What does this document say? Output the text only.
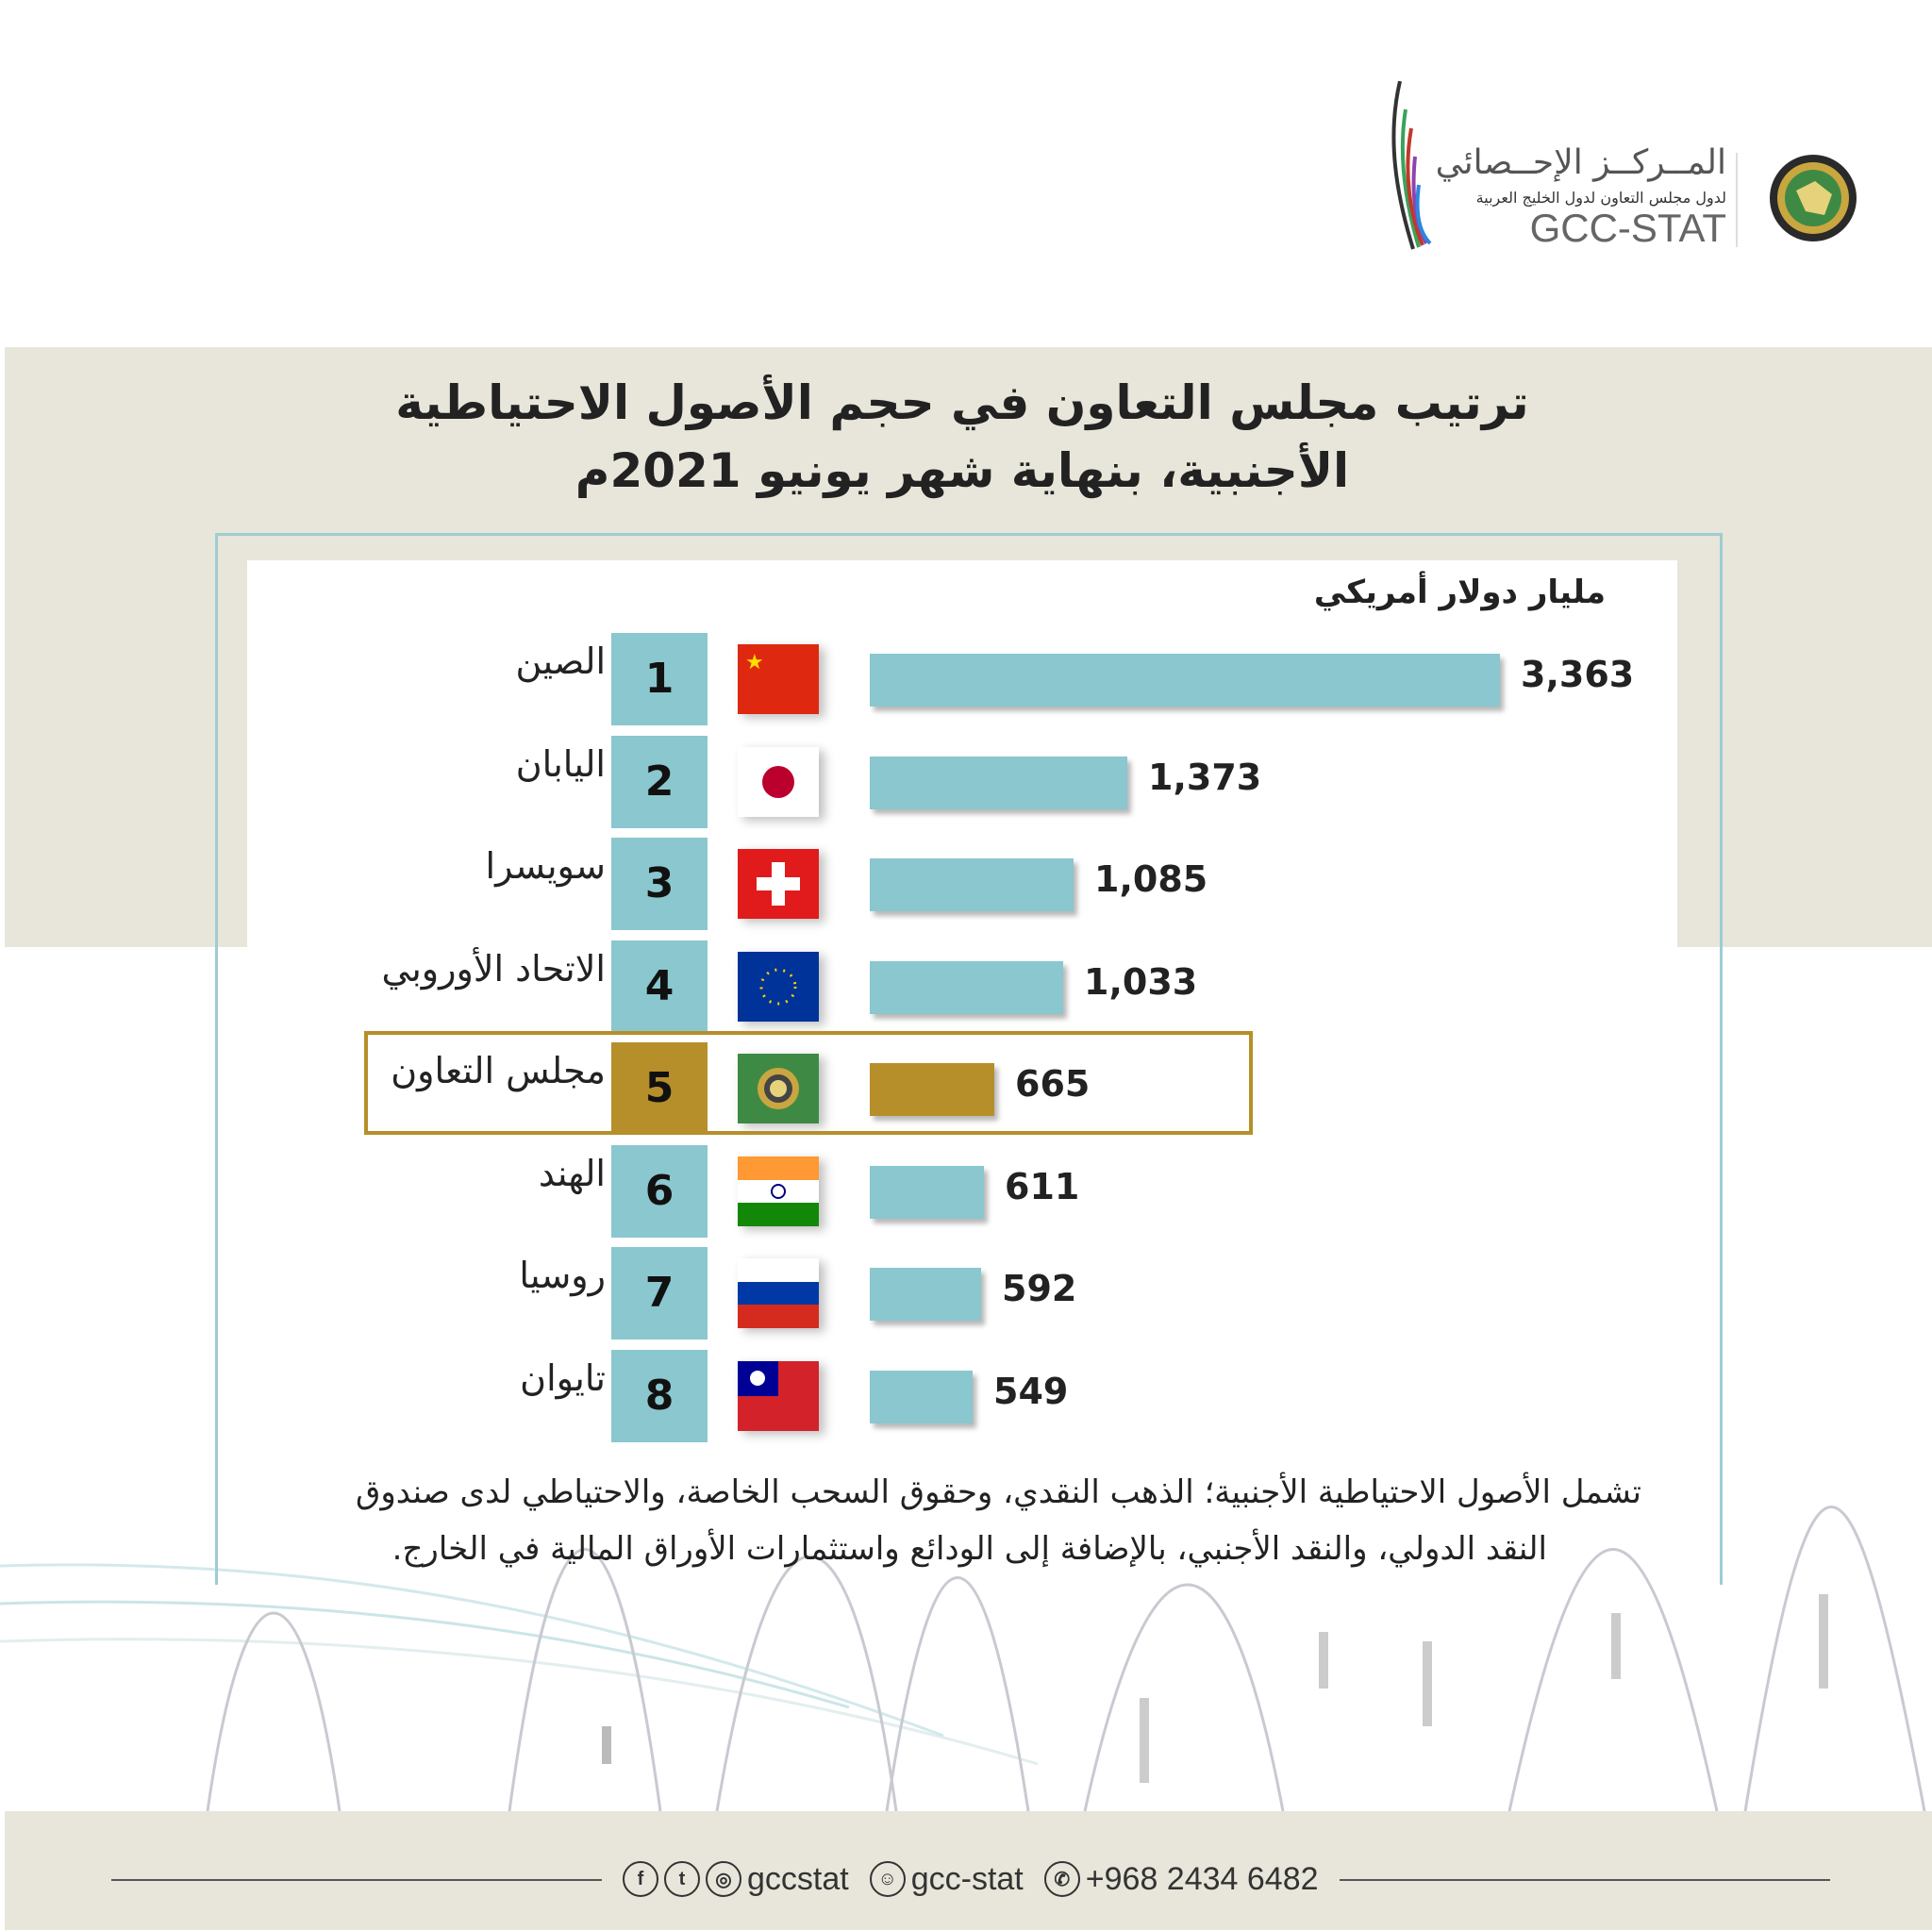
المــركــز الإحــصائي
لدول مجلس التعاون لدول الخليج العربية
GCC-STAT
ترتيب مجلس التعاون في حجم الأصول الاحتياطية
الأجنبية، بنهاية شهر يونيو 2021م
مليار دولار أمريكي
الصين 1	★	3,363
اليابان 2	1,373
سويسرا 3	1,085
الاتحاد الأوروبي 4	1,033
مجلس التعاون 5	665
الهند 6	611
روسيا 7	592
تايوان 8	549
تشمل الأصول الاحتياطية الأجنبية؛ الذهب النقدي، وحقوق السحب الخاصة، والاحتياطي لدى صندوق
النقد الدولي، والنقد الأجنبي، بالإضافة إلى الودائع واستثمارات الأوراق المالية في الخارج.
f	t	◎ gccstat	☺ gcc-stat	✆ +968 2434 6482
